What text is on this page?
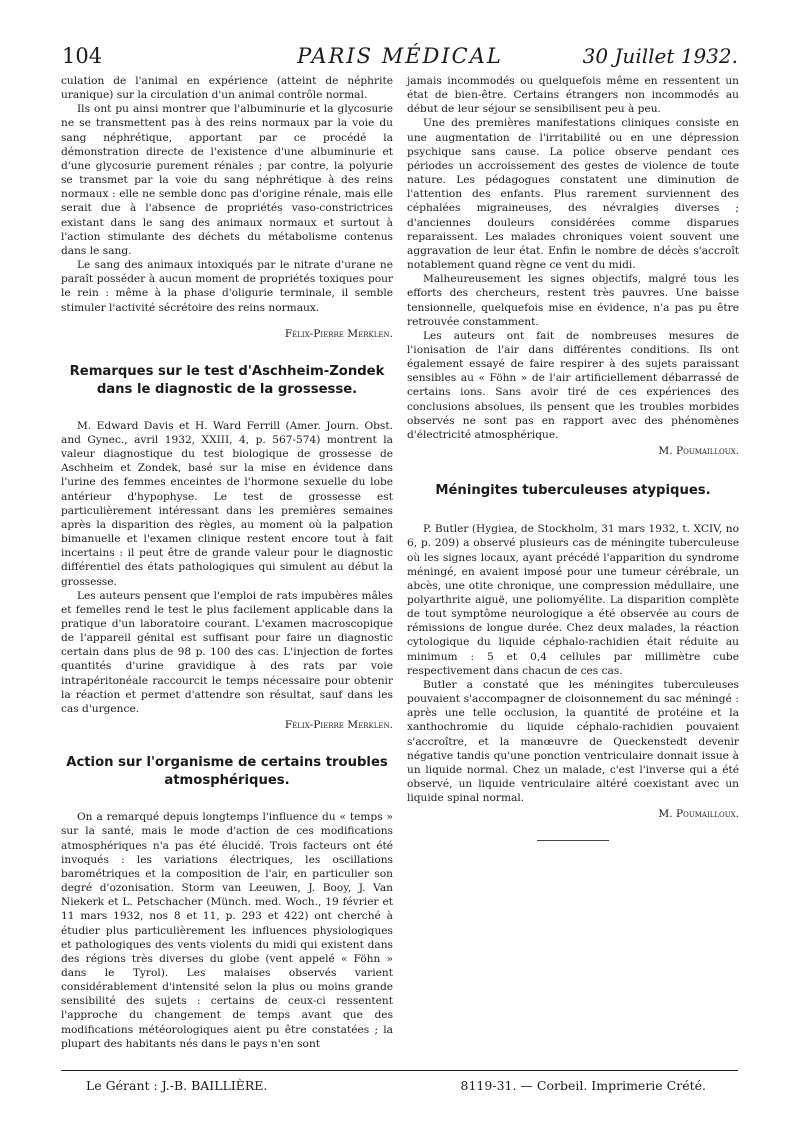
104	PARIS MÉDICAL	30 Juillet 1932.

culation de l'animal en expérience (atteint de néphrite uranique) sur la circulation d'un animal contrôle normal.

Ils ont pu ainsi montrer que l'albuminurie et la glycosurie ne se transmettent pas à des reins normaux par la voie du sang néphrétique, apportant par ce procédé la démonstration directe de l'existence d'une albuminurie et d'une glycosurie purement rénales ; par contre, la polyurie se transmet par la voie du sang néphrétique à des reins normaux : elle ne semble donc pas d'origine rénale, mais elle serait due à l'absence de propriétés vaso-constrictrices existant dans le sang des animaux normaux et surtout à l'action stimulante des déchets du métabolisme contenus dans le sang.

Le sang des animaux intoxiqués par le nitrate d'urane ne paraît posséder à aucun moment de propriétés toxiques pour le rein : même à la phase d'oligurie terminale, il semble stimuler l'activité sécrétoire des reins normaux.

Félix-Pierre Merklen.

Remarques sur le test d'Aschheim-Zondek dans le diagnostic de la grossesse.

M. Edward Davis et H. Ward Ferrill (Amer. Journ. Obst. and Gynec., avril 1932, XXIII, 4, p. 567-574) montrent la valeur diagnostique du test biologique de grossesse de Aschheim et Zondek, basé sur la mise en évidence dans l'urine des femmes enceintes de l'hormone sexuelle du lobe antérieur d'hypophyse. Le test de grossesse est particulièrement intéressant dans les premières semaines après la disparition des règles, au moment où la palpation bimanuelle et l'examen clinique restent encore tout à fait incertains : il peut être de grande valeur pour le diagnostic différentiel des états pathologiques qui simulent au début la grossesse.

Les auteurs pensent que l'emploi de rats impubères mâles et femelles rend le test le plus facilement applicable dans la pratique d'un laboratoire courant. L'examen macroscopique de l'appareil génital est suffisant pour faire un diagnostic certain dans plus de 98 p. 100 des cas. L'injection de fortes quantités d'urine gravidique à des rats par voie intrapéritonéale raccourcit le temps nécessaire pour obtenir la réaction et permet d'attendre son résultat, sauf dans les cas d'urgence.

Félix-Pierre Merklen.

Action sur l'organisme de certains troubles atmosphériques.

On a remarqué depuis longtemps l'influence du « temps » sur la santé, mais le mode d'action de ces modifications atmosphériques n'a pas été élucidé. Trois facteurs ont été invoqués : les variations électriques, les oscillations barométriques et la composition de l'air, en particulier son degré d'ozonisation. Storm van Leeuwen, J. Booy, J. Van Niekerk et L. Petschacher (Münch. med. Woch., 19 février et 11 mars 1932, nos 8 et 11, p. 293 et 422) ont cherché à étudier plus particulièrement les influences physiologiques et pathologiques des vents violents du midi qui existent dans des régions très diverses du globe (vent appelé « Föhn » dans le Tyrol). Les malaises observés varient considérablement d'intensité selon la plus ou moins grande sensibilité des sujets : certains de ceux-ci ressentent l'approche du changement de temps avant que des modifications météorologiques aient pu être constatées ; la plupart des habitants nés dans le pays n'en sont

jamais incommodés ou quelquefois même en ressentent un état de bien-être. Certains étrangers non incommodés au début de leur séjour se sensibilisent peu à peu.

Une des premières manifestations cliniques consiste en une augmentation de l'irritabilité ou en une dépression psychique sans cause. La police observe pendant ces périodes un accroissement des gestes de violence de toute nature. Les pédagogues constatent une diminution de l'attention des enfants. Plus rarement surviennent des céphalées migraineuses, des névralgies diverses ; d'anciennes douleurs considérées comme disparues reparaissent. Les malades chroniques voient souvent une aggravation de leur état. Enfin le nombre de décès s'accroît notablement quand règne ce vent du midi.

Malheureusement les signes objectifs, malgré tous les efforts des chercheurs, restent très pauvres. Une baisse tensionnelle, quelquefois mise en évidence, n'a pas pu être retrouvée constamment.

Les auteurs ont fait de nombreuses mesures de l'ionisation de l'air dans différentes conditions. Ils ont également essayé de faire respirer à des sujets paraissant sensibles au « Föhn » de l'air artificiellement débarrassé de certains ions. Sans avoir tiré de ces expériences des conclusions absolues, ils pensent que les troubles morbides observés ne sont pas en rapport avec des phénomènes d'électricité atmosphérique.

M. Poumailloux.

Méningites tuberculeuses atypiques.

P. Butler (Hygiea, de Stockholm, 31 mars 1932, t. XCIV, no 6, p. 209) a observé plusieurs cas de méningite tuberculeuse où les signes locaux, ayant précédé l'apparition du syndrome méningé, en avaient imposé pour une tumeur cérébrale, un abcès, une otite chronique, une compression médullaire, une polyarthrite aiguë, une poliomyélite. La disparition complète de tout symptôme neurologique a été observée au cours de rémissions de longue durée. Chez deux malades, la réaction cytologique du liquide céphalo-rachidien était réduite au minimum : 5 et 0,4 cellules par millimètre cube respectivement dans chacun de ces cas.

Butler a constaté que les méningites tuberculeuses pouvaient s'accompagner de cloisonnement du sac méningé : après une telle occlusion, la quantité de protéine et la xanthochromie du liquide céphalo-rachidien pouvaient s'accroître, et la manœuvre de Queckenstedt devenir négative tandis qu'une ponction ventriculaire donnait issue à un liquide normal. Chez un malade, c'est l'inverse qui a été observé, un liquide ventriculaire altéré coexistant avec un liquide spinal normal.

M. Poumailloux.

Le Gérant : J.-B. BAILLIÈRE.	8119-31. — Corbeil. Imprimerie Crété.
